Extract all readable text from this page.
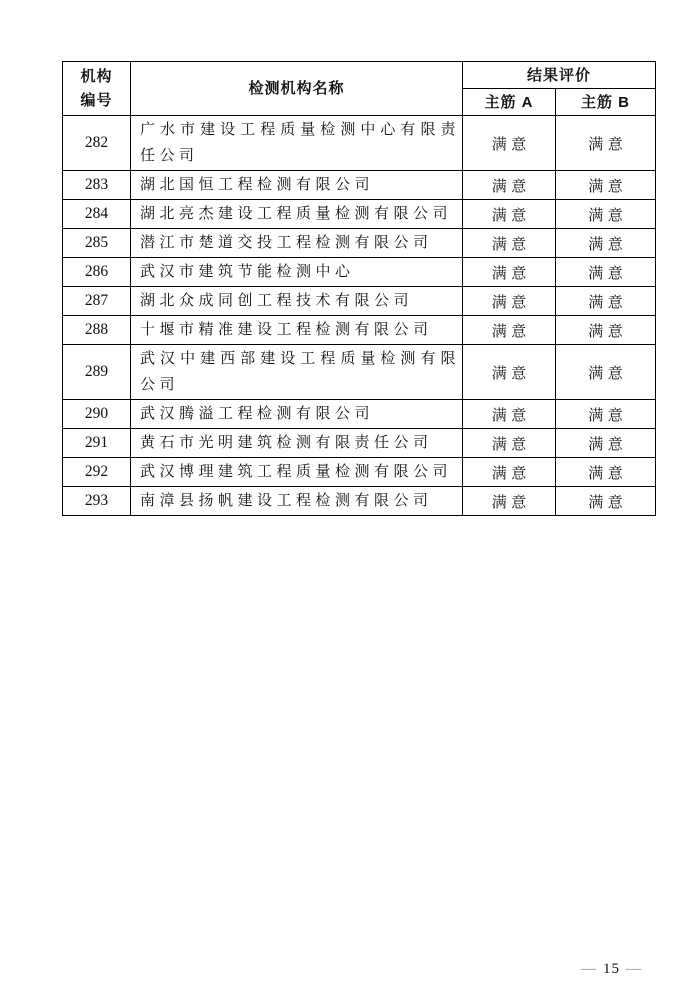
机构
编号	检测机构名称	结果评价	
		主筋 A	主筋 B
282	广水市建设工程质量检测中心有限责任公司	满意	满意
283	湖北国恒工程检测有限公司	满意	满意
284	湖北亮杰建设工程质量检测有限公司	满意	满意
285	潜江市楚道交投工程检测有限公司	满意	满意
286	武汉市建筑节能检测中心	满意	满意
287	湖北众成同创工程技术有限公司	满意	满意
288	十堰市精准建设工程检测有限公司	满意	满意
289	武汉中建西部建设工程质量检测有限公司	满意	满意
290	武汉腾溢工程检测有限公司	满意	满意
291	黄石市光明建筑检测有限责任公司	满意	满意
292	武汉博理建筑工程质量检测有限公司	满意	满意
293	南漳县扬帆建设工程检测有限公司	满意	满意
— 15 —
